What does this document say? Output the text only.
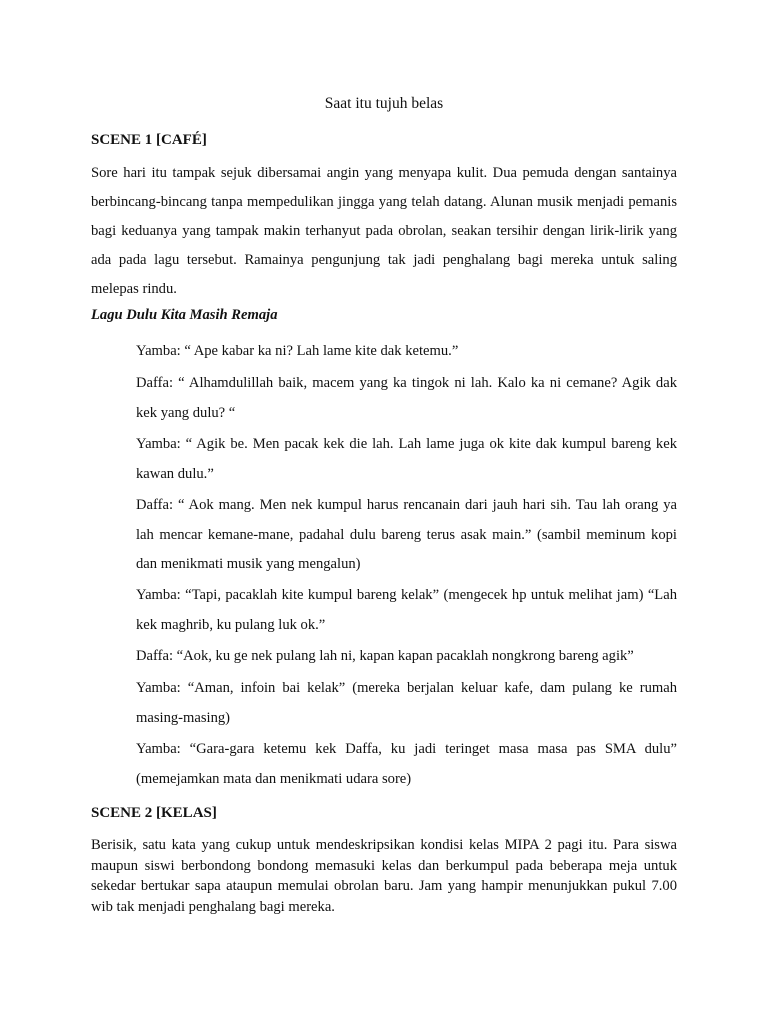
Saat itu tujuh belas
SCENE 1 [CAFÉ]

Sore hari itu tampak sejuk dibersamai angin yang menyapa kulit. Dua pemuda dengan santainya berbincang-bincang tanpa mempedulikan jingga yang telah datang. Alunan musik menjadi pemanis bagi keduanya yang tampak makin terhanyut pada obrolan, seakan tersihir dengan lirik-lirik yang ada pada lagu tersebut. Ramainya pengunjung tak jadi penghalang bagi mereka untuk saling melepas rindu.

Lagu Dulu Kita Masih Remaja

Yamba: “ Ape kabar ka ni? Lah lame kite dak ketemu.”

Daffa: “ Alhamdulillah baik, macem yang ka tingok ni lah. Kalo ka ni cemane? Agik dak kek yang dulu? “

Yamba: “ Agik be. Men pacak kek die lah. Lah lame juga ok kite dak kumpul bareng kek kawan dulu.”

Daffa: “ Aok mang. Men nek kumpul harus rencanain dari jauh hari sih. Tau lah orang ya lah mencar kemane-mane, padahal dulu bareng terus asak main.” (sambil meminum kopi dan menikmati musik yang mengalun)

Yamba: “Tapi, pacaklah kite kumpul bareng kelak” (mengecek hp untuk melihat jam) “Lah kek maghrib, ku pulang luk ok.”

Daffa: “Aok, ku ge nek pulang lah ni, kapan kapan pacaklah nongkrong bareng agik”

Yamba: “Aman, infoin bai kelak” (mereka berjalan keluar kafe, dam pulang ke rumah masing-masing)

Yamba: “Gara-gara ketemu kek Daffa, ku jadi teringet masa masa pas SMA dulu” (memejamkan mata dan menikmati udara sore)

SCENE 2 [KELAS]

Berisik, satu kata yang cukup untuk mendeskripsikan kondisi kelas MIPA 2 pagi itu. Para siswa maupun siswi berbondong bondong memasuki kelas dan berkumpul pada beberapa meja untuk sekedar bertukar sapa ataupun memulai obrolan baru. Jam yang hampir menunjukkan pukul 7.00 wib tak menjadi penghalang bagi mereka.
